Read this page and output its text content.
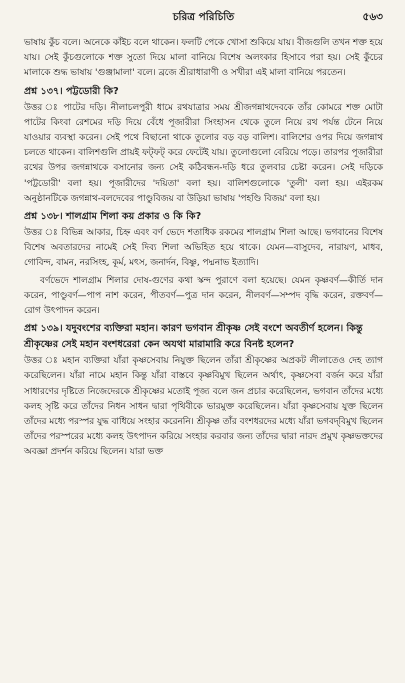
চরিত্র পরিচিতি	৫৬৩

ভাষায় কুঁচ বলে। অনেকে কাঁইচ বলে থাকেন। ফলটি পেকে খোসা শুকিয়ে যায়। বীজগুলি তখন শক্ত হয়ে যায়। সেই কুঁচগুলোকে শক্ত সুতো দিয়ে মালা বানিয়ে বিশেষ অলংকার হিসাবে পরা হয়। সেই কুঁচের মালাকে শুদ্ধ ভাষায় 'গুঞ্জামালা' বলে। ব্রজে শ্রীরাধারাণী ও সখীরা এই মালা বানিয়ে পরতেন।

প্রশ্ন ১৩৭। পট্টডোরী কি?

উত্তর ঃ পাটের দড়ি। নীলাচলপুরী ধামে রথযাত্রার সময় শ্রীজগন্নাথদেবকে তাঁর কোমরে শক্ত মোটা পাটের কিংবা রেশমের দড়ি দিয়ে বেঁধে পূজারীরা সিংহাসন থেকে তুলে নিয়ে রথ পর্যন্ত টেনে নিয়ে যাওয়ার ব্যবস্থা করেন। সেই পথে বিছানো থাকে তুলোর বড় বড় বালিশ। বালিশের ওপর দিয়ে জগন্নাথ চলতে থাকেন। বালিশগুলি প্রায়ই ফট্‌ফট্‌ করে ফেটেই যায়। তুলোগুলো বেরিয়ে পড়ে। তারপর পূজারীরা রথের উপর জগন্নাথকে বসানোর জন্য সেই কঠিবন্ধন-দড়ি ধরে তুলবার চেষ্টা করেন। সেই দড়িকে 'পট্টডোরী' বলা হয়। পূজারীদের 'দয়িতা' বলা হয়। বালিশগুলোকে 'তুলী' বলা হয়। এইরকম অনুষ্ঠানটিকে জগন্নাথ-বলদেবের পাণ্ডুবিজয় বা উড়িয়া ভাষায় 'পহণ্ডি বিজয়' বলা হয়।

প্রশ্ন ১৩৮। শালগ্রাম শিলা কয় প্রকার ও কি কি?

উত্তর ঃ বিভিন্ন আকার, চিহ্ন এবং বর্ণ ভেদে শতাধিক রকমের শালগ্রাম শিলা আছে। ভগবানের বিশেষ বিশেষ অবতারদের নামেই সেই দিব্য শিলা অভিহিত হয়ে থাকে। যেমন—বাসুদেব, নারায়ণ, মাধব, গোবিন্দ, বামন, নরসিংহ, কূর্ম, মৎস, জনার্দন, বিষ্ণু, পদ্মনাভ ইত্যাদি।

বর্ণভেদে শালগ্রাম শিলার দোষ-গুণের কথা স্কন্দ পুরাণে বলা হয়েছে। যেমন কৃষ্ণবর্ণ—কীর্তি দান করেন, পাণ্ডুবর্ণ—পাপ নাশ করেন, পীতবর্ণ—পুত্র দান করেন, নীলবর্ণ—সম্পদ বৃদ্ধি করেন, রক্তবর্ণ—রোগ উৎপাদন করেন।

প্রশ্ন ১৩৯। যদুবংশের ব্যক্তিরা মহান। কারণ ভগবান শ্রীকৃষ্ণ সেই বংশে অবতীর্ণ হলেন। কিন্তু শ্রীকৃষ্ণের সেই মহান বংশধরেরা কেন অযথা মারামারি করে বিনষ্ট হলেন?

উত্তর ঃ মহান ব্যক্তিরা যাঁরা কৃষ্ণসেবায় নিযুক্ত ছিলেন তাঁরা শ্রীকৃষ্ণের অপ্রকট লীলাতেও দেহ ত্যাগ করেছিলেন। যাঁরা নামে মহান কিন্তু যাঁরা বাস্তবে কৃষ্ণবিমুখ ছিলেন অর্থাৎ, কৃষ্ণসেবা বর্জন করে যাঁরা সাধারণের দৃষ্টিতে নিজেদেরকে শ্রীকৃষ্ণের মতোই পূজ্য বলে জন প্রচার করেছিলেন, ভগবান তাঁদের মধ্যে কলহ সৃষ্টি করে তাঁদের নিধন সাধন দ্বারা পৃথিবীকে ভারমুক্ত করেছিলেন। যাঁরা কৃষ্ণসেবায় যুক্ত ছিলেন তাঁদের মধ্যে পরস্পর যুদ্ধ বাধিয়ে সংহার করেননি। শ্রীকৃষ্ণ তাঁর বংশধরদের মধ্যে যাঁরা ভগবদ্‌বিমুখ ছিলেন তাঁদের পরস্পরের মধ্যে কলহ উৎপাদন করিয়ে সংহার করবার জন্য তাঁদের দ্বারা নারদ প্রমুখ কৃষ্ণভক্তদের অবজ্ঞা প্রদর্শন করিয়ে ছিলেন। যারা ভক্ত
